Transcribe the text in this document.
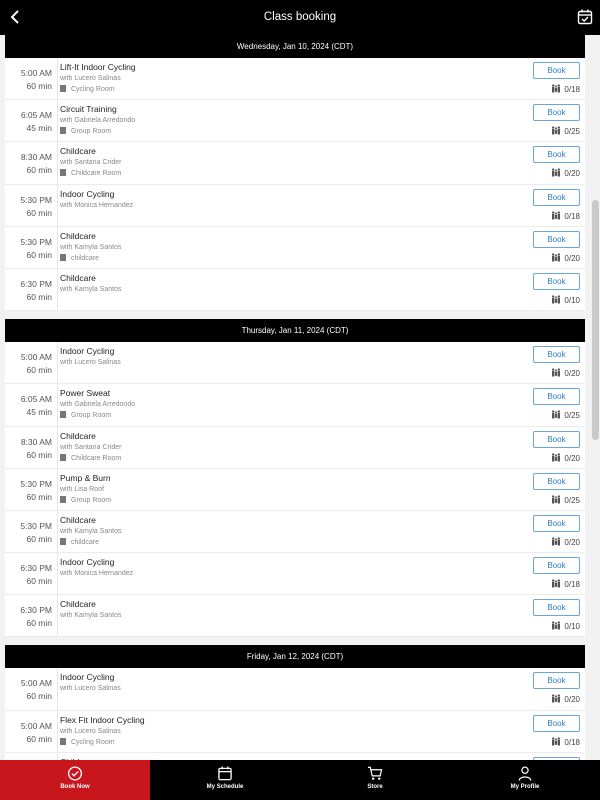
Class booking
Wednesday, Jan 10, 2024 (CDT)
5:00 AM
60 min
Lift-It Indoor Cycling
with Lucero Salinas
Cycling Room
Book
0/18
6:05 AM
45 min
Circuit Training
with Gabriela Arredondo
Group Room
Book
0/25
8:30 AM
60 min
Childcare
with Santana Crider
Childcare Room
Book
0/20
5:30 PM
60 min
Indoor Cycling
with Monica Hernandez
Book
0/18
5:30 PM
60 min
Childcare
with Kamyla Santos
childcare
Book
0/20
6:30 PM
60 min
Childcare
with Kamyla Santos
Book
0/10
Thursday, Jan 11, 2024 (CDT)
5:00 AM
60 min
Indoor Cycling
with Lucero Salinas
Book
0/20
6:05 AM
45 min
Power Sweat
with Gabriela Arredondo
Group Room
Book
0/25
8:30 AM
60 min
Childcare
with Santana Crider
Childcare Room
Book
0/20
5:30 PM
60 min
Pump & Burn
with Lisa Roof
Group Room
Book
0/25
5:30 PM
60 min
Childcare
with Kamyla Santos
childcare
Book
0/20
6:30 PM
60 min
Indoor Cycling
with Monica Hernandez
Book
0/18
6:30 PM
60 min
Childcare
with Kamyla Santos
Book
0/10
Friday, Jan 12, 2024 (CDT)
5:00 AM
60 min
Indoor Cycling
with Lucero Salinas
Book
0/20
5:00 AM
60 min
Flex Fit Indoor Cycling
with Lucero Salinas
Cycling Room
Book
0/18
Book Now	My Schedule	Store	My Profile
